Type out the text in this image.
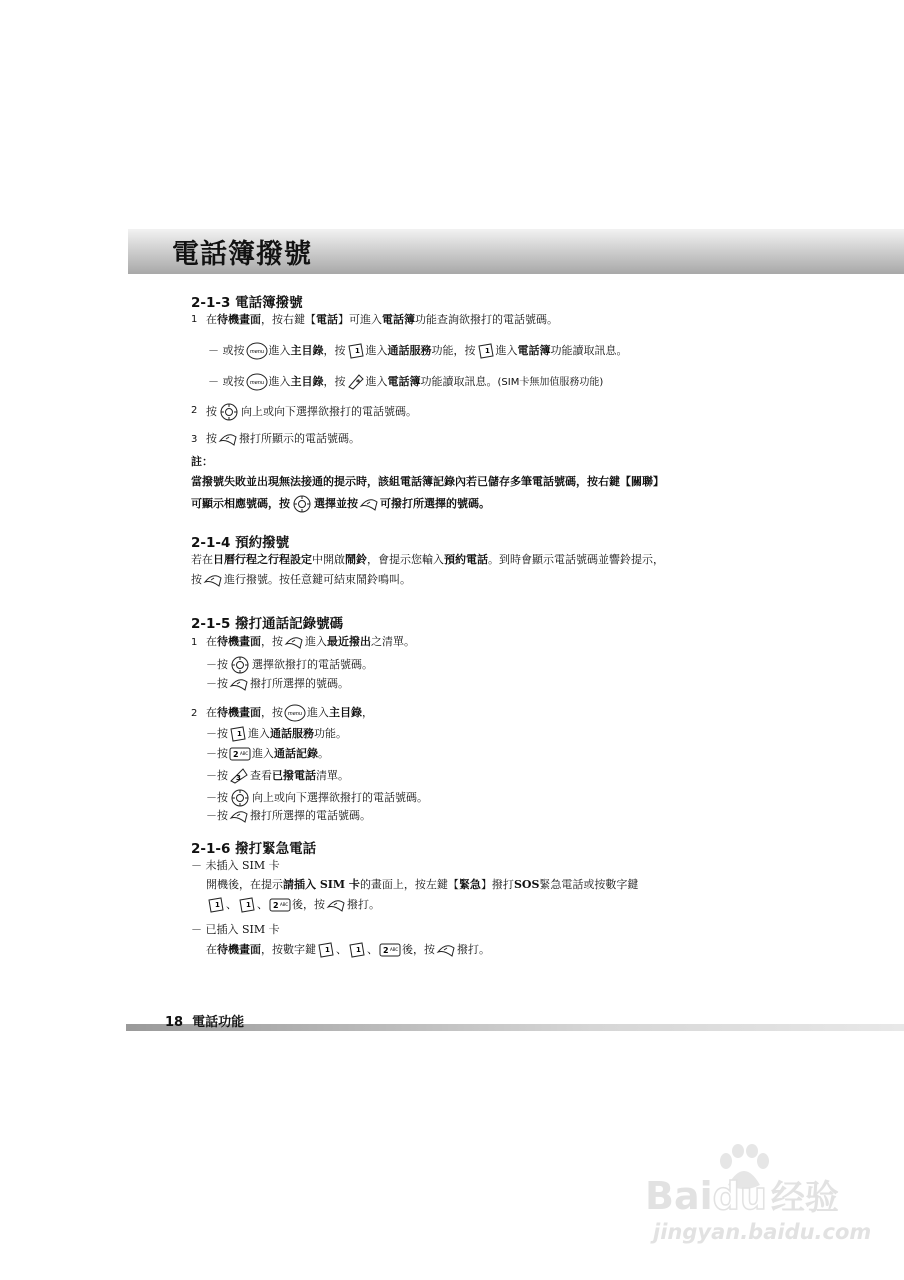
電話簿撥號
2-1-3 電話簿撥號
1 在待機畫面，按右鍵【電話】可進入電話簿功能查詢欲撥打的電話號碼。
－ 或按 menu 進入主目錄，按 1 進入通話服務功能，按 1 進入電話簿功能讀取訊息。
－ 或按 menu 進入主目錄，按 * 進入電話簿功能讀取訊息。(SIM卡無加值服務功能)
2 按 向上或向下選擇欲撥打的電話號碼。
3 按 撥打所顯示的電話號碼。
註：
當撥號失敗並出現無法接通的提示時，該組電話簿記錄內若已儲存多筆電話號碼，按右鍵【關聯】
可顯示相應號碼，按 選擇並按 可撥打所選擇的號碼。
2-1-4 預約撥號
若在日曆行程之行程設定中開啟鬧鈴，會提示您輸入預約電話。到時會顯示電話號碼並響鈴提示，
按 進行撥號。按任意鍵可結束鬧鈴鳴叫。
2-1-5 撥打通話記錄號碼
1 在待機畫面，按 進入最近撥出之清單。
－按 選擇欲撥打的電話號碼。
－按 撥打所選擇的號碼。
2 在待機畫面，按 menu 進入主目錄，
－按 1 進入通話服務功能。
－按 2 ABC 進入通話記錄。
－按 3 查看已撥電話清單。
－按 向上或向下選擇欲撥打的電話號碼。
－按 撥打所選擇的電話號碼。
2-1-6 撥打緊急電話
－ 未插入 SIM 卡
開機後，在提示請插入 SIM 卡的畫面上，按左鍵【緊急】撥打SOS緊急電話或按數字鍵
1 、 1 、 2 ABC 後，按 撥打。
－ 已插入 SIM 卡
在待機畫面，按數字鍵 1 、 1 、 2 ABC 後，按 撥打。
18 電話功能
Baidu 经验
jingyan.baidu.com
